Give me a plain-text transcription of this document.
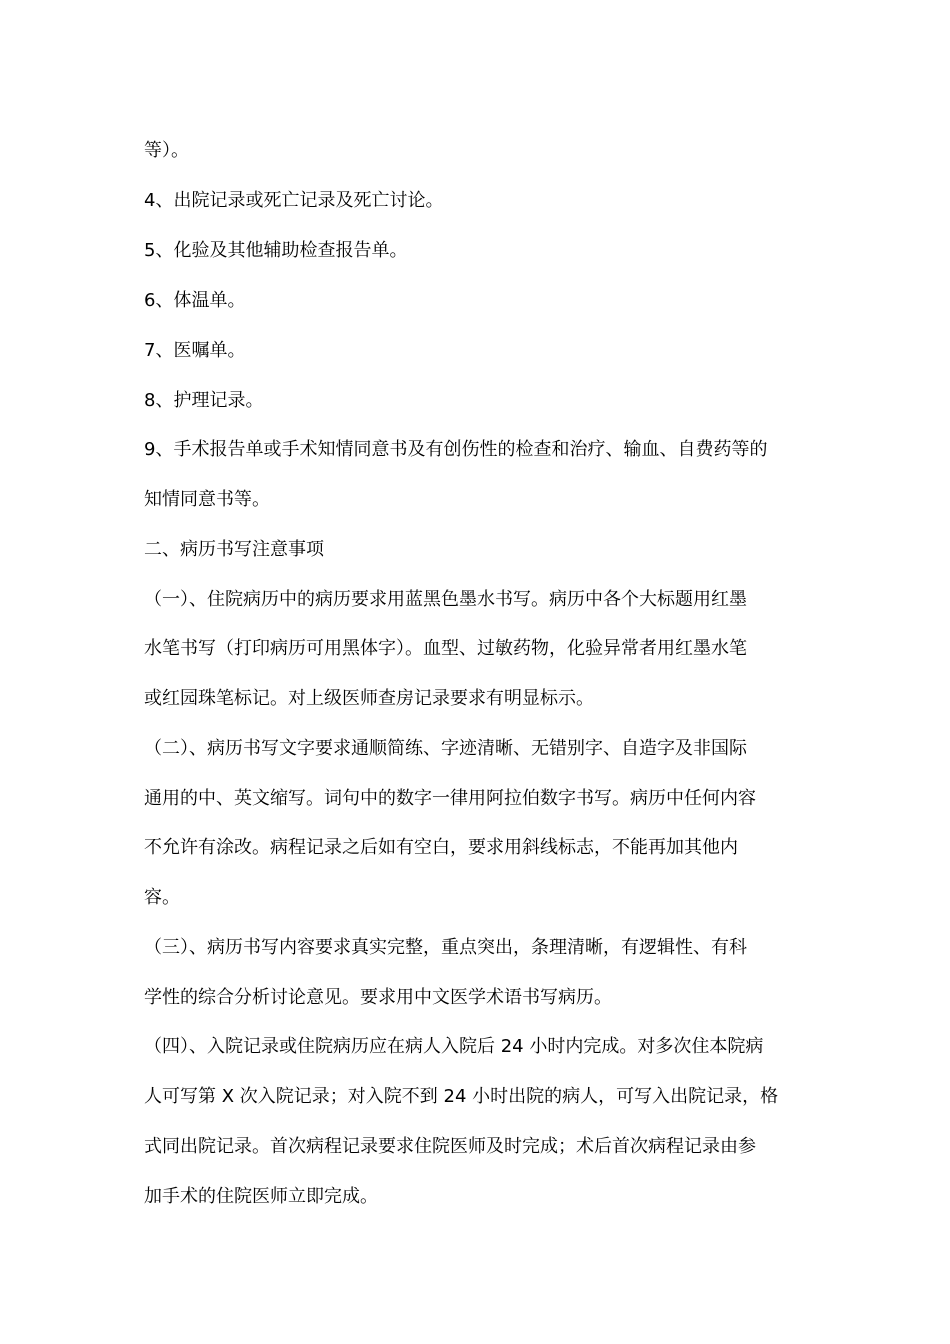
等）。
4、出院记录或死亡记录及死亡讨论。
5、化验及其他辅助检查报告单。
6、体温单。
7、医嘱单。
8、护理记录。
9、手术报告单或手术知情同意书及有创伤性的检查和治疗、输血、自费药等的
知情同意书等。
二、病历书写注意事项
（一）、住院病历中的病历要求用蓝黑色墨水书写。病历中各个大标题用红墨
水笔书写（打印病历可用黑体字）。血型、过敏药物，化验异常者用红墨水笔
或红园珠笔标记。对上级医师查房记录要求有明显标示。
（二）、病历书写文字要求通顺简练、字迹清晰、无错别字、自造字及非国际
通用的中、英文缩写。词句中的数字一律用阿拉伯数字书写。病历中任何内容
不允许有涂改。病程记录之后如有空白，要求用斜线标志，不能再加其他内
容。
（三）、病历书写内容要求真实完整，重点突出，条理清晰，有逻辑性、有科
学性的综合分析讨论意见。要求用中文医学术语书写病历。
（四）、入院记录或住院病历应在病人入院后 24 小时内完成。对多次住本院病
人可写第 X 次入院记录；对入院不到 24 小时出院的病人，可写入出院记录，格
式同出院记录。首次病程记录要求住院医师及时完成；术后首次病程记录由参
加手术的住院医师立即完成。
